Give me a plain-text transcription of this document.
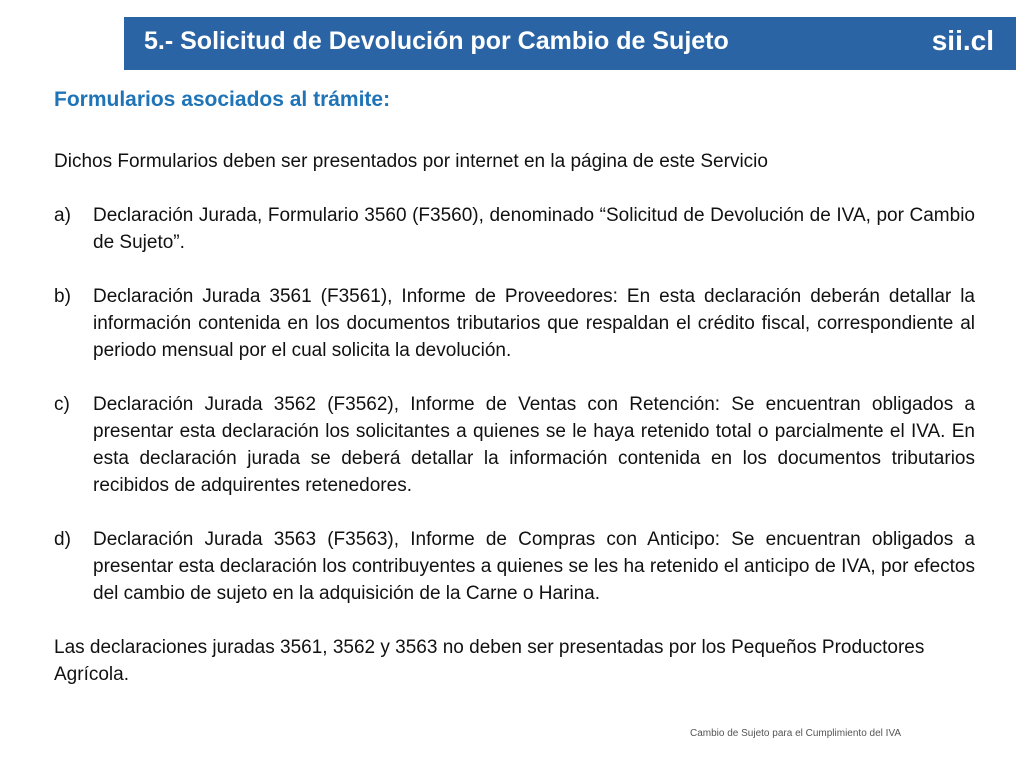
5.- Solicitud de Devolución por Cambio de Sujeto	sii.cl
Formularios asociados al trámite:

Dichos Formularios deben ser presentados por internet en la página de este Servicio

a)	Declaración Jurada, Formulario 3560 (F3560), denominado “Solicitud de Devolución de IVA, por Cambio de Sujeto”.
b)	Declaración Jurada 3561 (F3561), Informe de Proveedores: En esta declaración deberán detallar la información contenida en los documentos tributarios que respaldan el crédito fiscal, correspondiente al periodo mensual por el cual solicita la devolución.
c)	Declaración Jurada 3562 (F3562), Informe de Ventas con Retención: Se encuentran obligados a presentar esta declaración los solicitantes a quienes se le haya retenido total o parcialmente el IVA. En esta declaración jurada se deberá detallar la información contenida en los documentos tributarios recibidos de adquirentes retenedores.
d)	Declaración Jurada 3563 (F3563), Informe de Compras con Anticipo: Se encuentran obligados a presentar esta declaración los contribuyentes a quienes se les ha retenido el anticipo de IVA, por efectos del cambio de sujeto en la adquisición de la Carne o Harina.

Las declaraciones juradas 3561, 3562 y 3563 no deben ser presentadas por los Pequeños Productores Agrícola.

Cambio de Sujeto para el Cumplimiento del IVA
